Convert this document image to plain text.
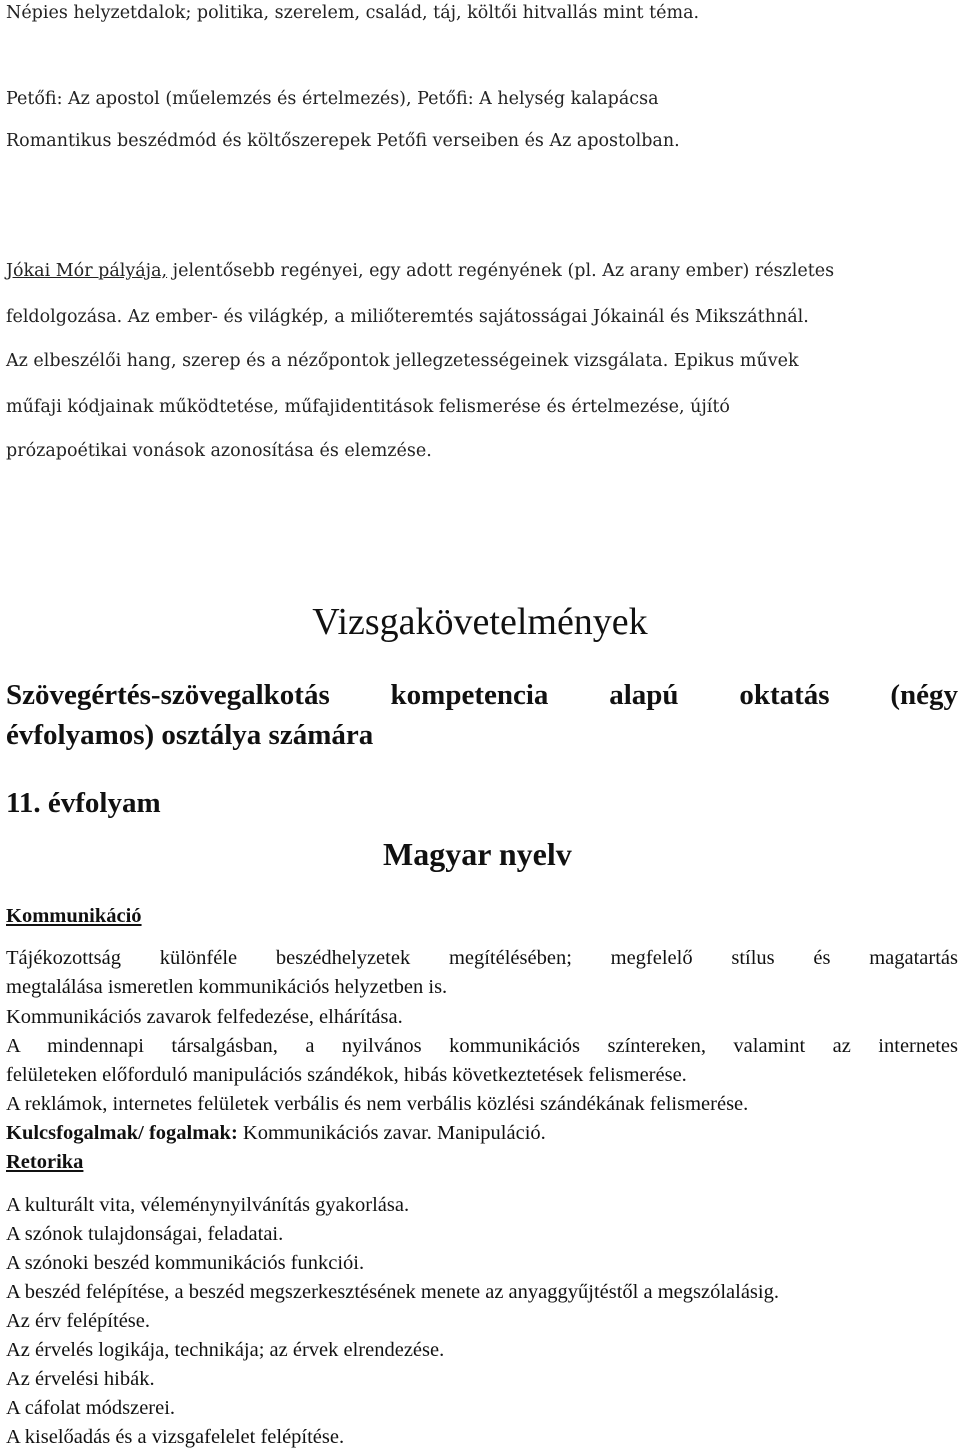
Népies helyzetdalok; politika, szerelem, család, táj, költői hitvallás mint téma.
Petőfi: Az apostol (műelemzés és értelmezés), Petőfi: A helység kalapácsa
Romantikus beszédmód és költőszerepek Petőfi verseiben és Az apostolban.
Jókai Mór pályája, jelentősebb regényei, egy adott regényének (pl. Az arany ember) részletes
feldolgozása. Az ember- és világkép, a miliőteremtés sajátosságai Jókainál és Mikszáthnál.
Az elbeszélői hang, szerep és a nézőpontok jellegzetességeinek vizsgálata. Epikus művek
műfaji kódjainak működtetése, műfajidentitások felismerése és értelmezése, újító
prózapoétikai vonások azonosítása és elemzése.
Vizsgakövetelmények
Szövegértés-szövegalkotás kompetencia alapú oktatás (négy
évfolyamos) osztálya számára
11. évfolyam
Magyar nyelv
Kommunikáció
Tájékozottság különféle beszédhelyzetek megítélésében; megfelelő stílus és magatartás
megtalálása ismeretlen kommunikációs helyzetben is.
Kommunikációs zavarok felfedezése, elhárítása.
A mindennapi társalgásban, a nyilvános kommunikációs színtereken, valamint az internetes
felületeken előforduló manipulációs szándékok, hibás következtetések felismerése.
A reklámok, internetes felületek verbális és nem verbális közlési szándékának felismerése.
Kulcsfogalmak/ fogalmak: Kommunikációs zavar. Manipuláció.
Retorika
A kulturált vita, véleménynyilvánítás gyakorlása.
A szónok tulajdonságai, feladatai.
A szónoki beszéd kommunikációs funkciói.
A beszéd felépítése, a beszéd megszerkesztésének menete az anyaggyűjtéstől a megszólalásig.
Az érv felépítése.
Az érvelés logikája, technikája; az érvek elrendezése.
Az érvelési hibák.
A cáfolat módszerei.
A kiselőadás és a vizsgafelelet felépítése.
